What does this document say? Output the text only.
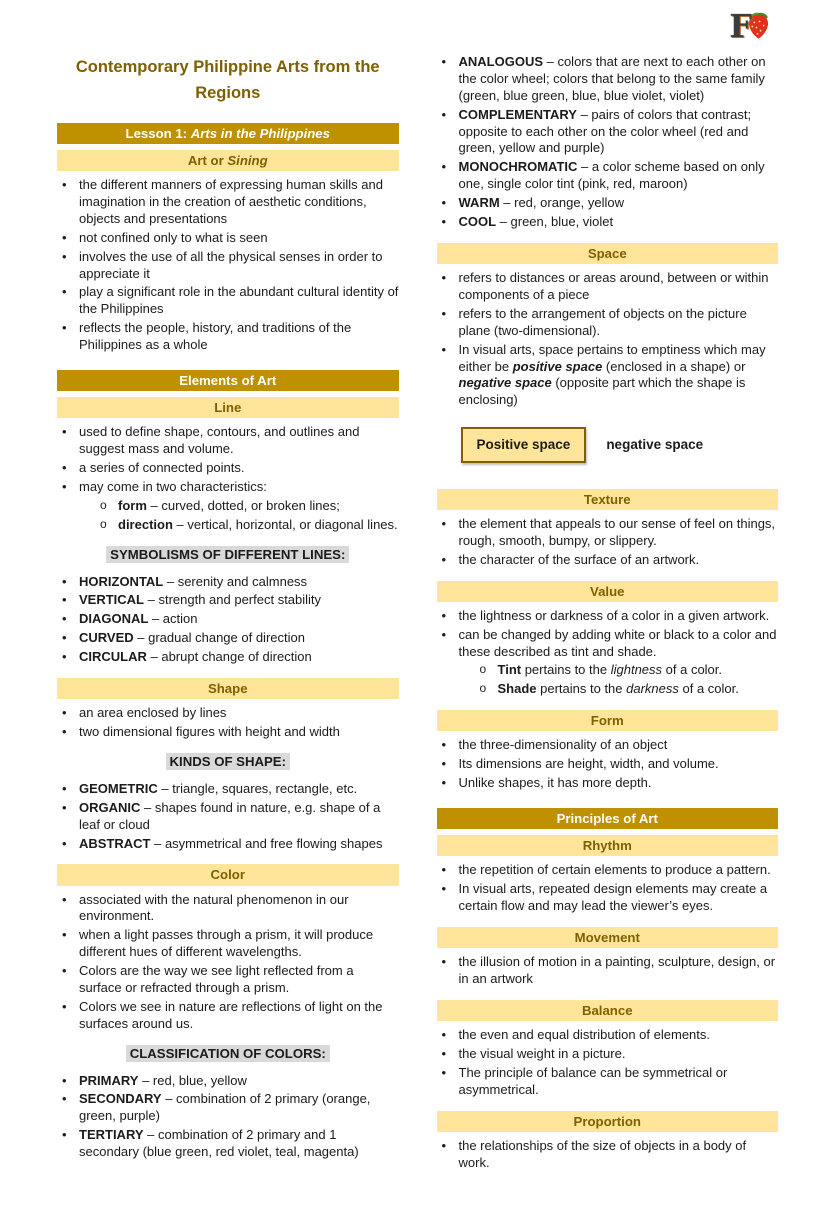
F
Contemporary Philippine Arts from the Regions
Lesson 1: Arts in the Philippines
Art or Sining
• the different manners of expressing human skills and imagination in the creation of aesthetic conditions, objects and presentations
• not confined only to what is seen
• involves the use of all the physical senses in order to appreciate it
• play a significant role in the abundant cultural identity of the Philippines
• reflects the people, history, and traditions of the Philippines as a whole
Elements of Art
Line
• used to define shape, contours, and outlines and suggest mass and volume.
• a series of connected points.
• may come in two characteristics:
o form – curved, dotted, or broken lines;
o direction – vertical, horizontal, or diagonal lines.
SYMBOLISMS OF DIFFERENT LINES:
• HORIZONTAL – serenity and calmness
• VERTICAL – strength and perfect stability
• DIAGONAL – action
• CURVED – gradual change of direction
• CIRCULAR – abrupt change of direction
Shape
• an area enclosed by lines
• two dimensional figures with height and width
KINDS OF SHAPE:
• GEOMETRIC – triangle, squares, rectangle, etc.
• ORGANIC – shapes found in nature, e.g. shape of a leaf or cloud
• ABSTRACT – asymmetrical and free flowing shapes
Color
• associated with the natural phenomenon in our environment.
• when a light passes through a prism, it will produce different hues of different wavelengths.
• Colors are the way we see light reflected from a surface or refracted through a prism.
• Colors we see in nature are reflections of light on the surfaces around us.
CLASSIFICATION OF COLORS:
• PRIMARY – red, blue, yellow
• SECONDARY – combination of 2 primary (orange, green, purple)
• TERTIARY – combination of 2 primary and 1 secondary (blue green, red violet, teal, magenta)
• ANALOGOUS – colors that are next to each other on the color wheel; colors that belong to the same family (green, blue green, blue, blue violet, violet)
• COMPLEMENTARY – pairs of colors that contrast; opposite to each other on the color wheel (red and green, yellow and purple)
• MONOCHROMATIC – a color scheme based on only one, single color tint (pink, red, maroon)
• WARM – red, orange, yellow
• COOL – green, blue, violet
Space
• refers to distances or areas around, between or within components of a piece
• refers to the arrangement of objects on the picture plane (two-dimensional).
• In visual arts, space pertains to emptiness which may either be positive space (enclosed in a shape) or negative space (opposite part which the shape is enclosing)
Positive space	negative space
Texture
• the element that appeals to our sense of feel on things, rough, smooth, bumpy, or slippery.
• the character of the surface of an artwork.
Value
• the lightness or darkness of a color in a given artwork.
• can be changed by adding white or black to a color and these described as tint and shade.
o Tint pertains to the lightness of a color.
o Shade pertains to the darkness of a color.
Form
• the three-dimensionality of an object
• Its dimensions are height, width, and volume.
• Unlike shapes, it has more depth.
Principles of Art
Rhythm
• the repetition of certain elements to produce a pattern.
• In visual arts, repeated design elements may create a certain flow and may lead the viewer’s eyes.
Movement
• the illusion of motion in a painting, sculpture, design, or in an artwork
Balance
• the even and equal distribution of elements.
• the visual weight in a picture.
• The principle of balance can be symmetrical or asymmetrical.
Proportion
• the relationships of the size of objects in a body of work.
